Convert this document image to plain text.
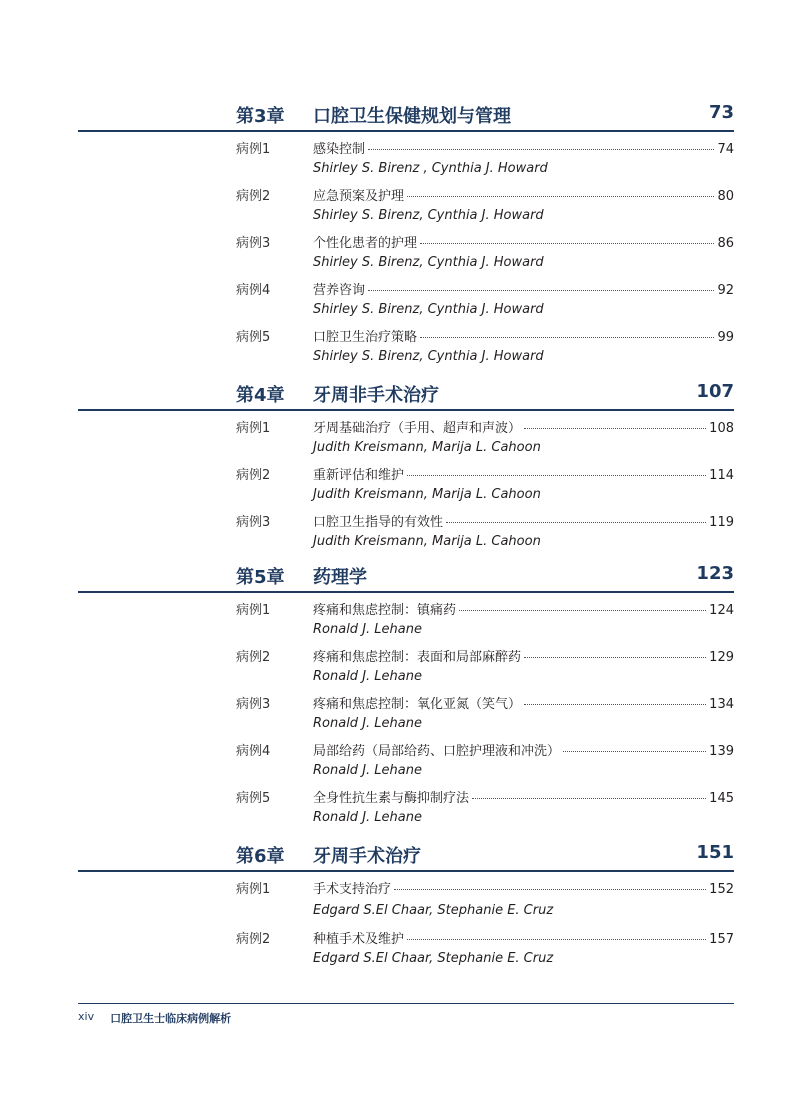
第3章 口腔卫生保健规划与管理	73
病例1	感染控制	74
Shirley S. Birenz , Cynthia J. Howard
病例2	应急预案及护理	80
Shirley S. Birenz, Cynthia J. Howard
病例3	个性化患者的护理	86
Shirley S. Birenz, Cynthia J. Howard
病例4	营养咨询	92
Shirley S. Birenz, Cynthia J. Howard
病例5	口腔卫生治疗策略	99
Shirley S. Birenz, Cynthia J. Howard
第4章 牙周非手术治疗	107
病例1	牙周基础治疗（手用、超声和声波）	108
Judith Kreismann, Marija L. Cahoon
病例2	重新评估和维护	114
Judith Kreismann, Marija L. Cahoon
病例3	口腔卫生指导的有效性	119
Judith Kreismann, Marija L. Cahoon
第5章 药理学	123
病例1	疼痛和焦虑控制：镇痛药	124
Ronald J. Lehane
病例2	疼痛和焦虑控制：表面和局部麻醉药	129
Ronald J. Lehane
病例3	疼痛和焦虑控制：氧化亚氮（笑气）	134
Ronald J. Lehane
病例4	局部给药（局部给药、口腔护理液和冲洗）	139
Ronald J. Lehane
病例5	全身性抗生素与酶抑制疗法	145
Ronald J. Lehane
第6章 牙周手术治疗	151
病例1	手术支持治疗	152
Edgard S.El Chaar, Stephanie E. Cruz
病例2	种植手术及维护	157
Edgard S.El Chaar, Stephanie E. Cruz
xiv 口腔卫生士临床病例解析
